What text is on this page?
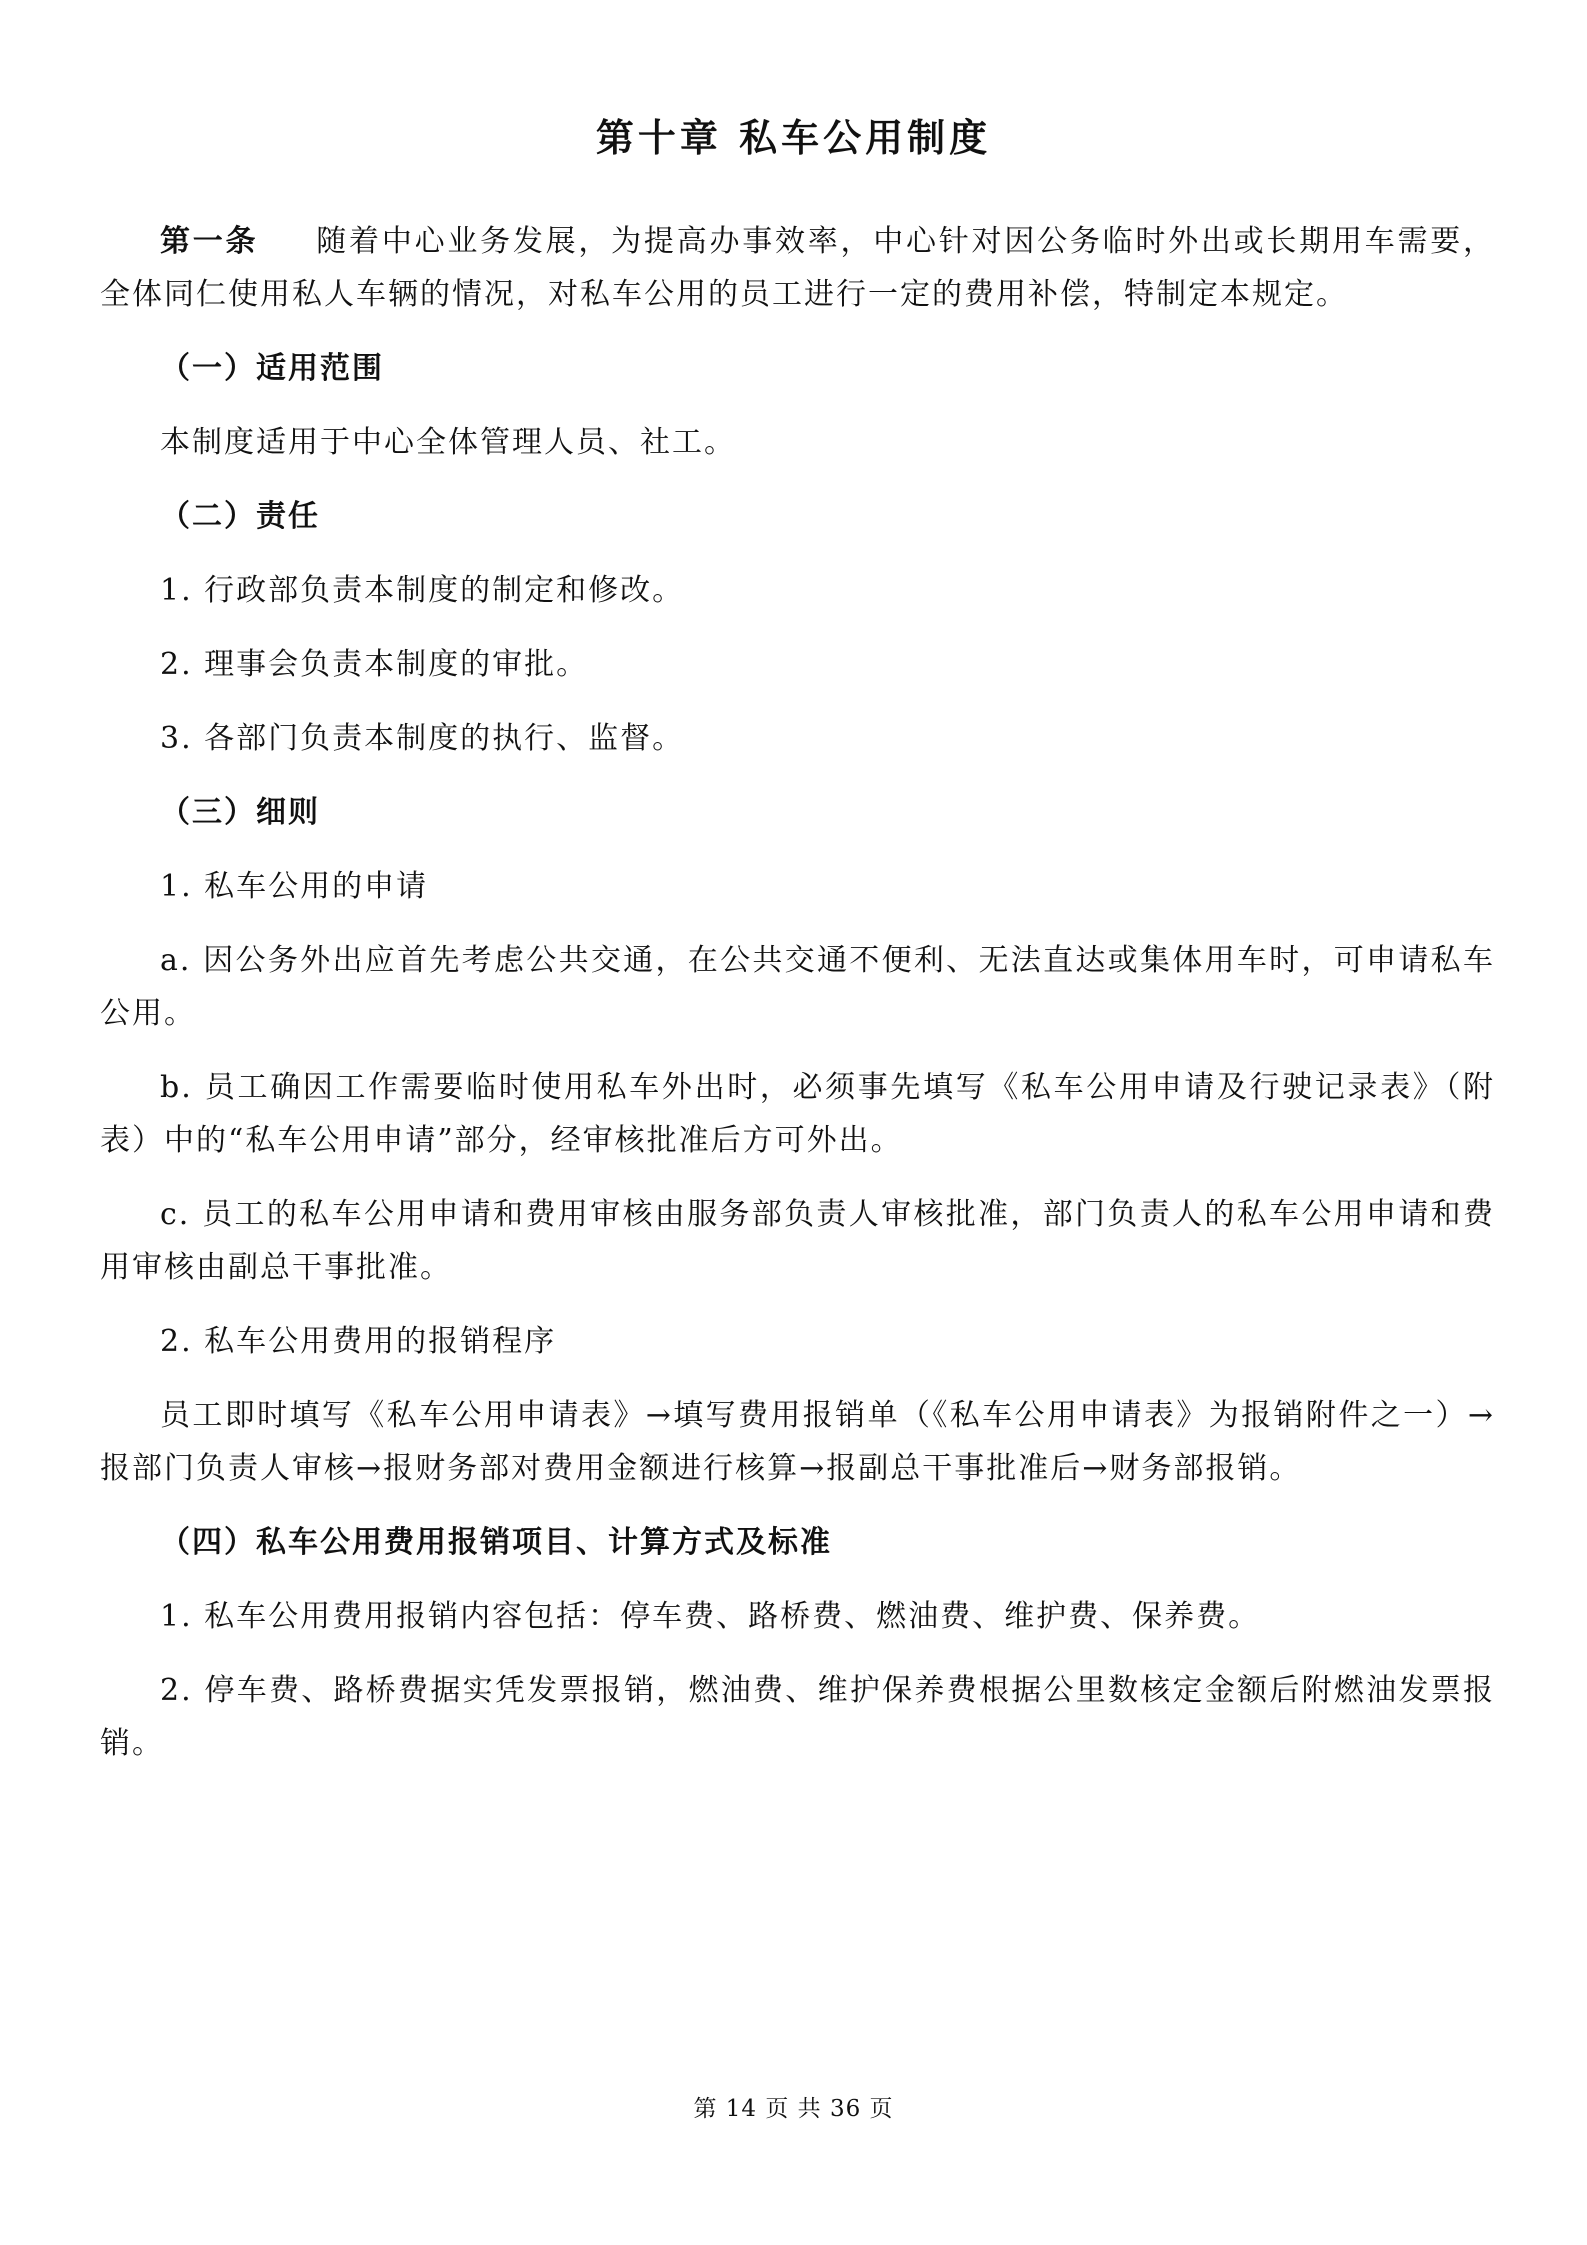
第十章 私车公用制度

第一条 随着中心业务发展，为提高办事效率，中心针对因公务临时外出或长期用车需要，全体同仁使用私人车辆的情况，对私车公用的员工进行一定的费用补偿，特制定本规定。

（一）适用范围

本制度适用于中心全体管理人员、社工。

（二）责任

1. 行政部负责本制度的制定和修改。

2. 理事会负责本制度的审批。

3. 各部门负责本制度的执行、监督。

（三）细则

1. 私车公用的申请

a. 因公务外出应首先考虑公共交通，在公共交通不便利、无法直达或集体用车时，可申请私车公用。

b. 员工确因工作需要临时使用私车外出时，必须事先填写《私车公用申请及行驶记录表》（附表）中的“私车公用申请”部分，经审核批准后方可外出。

c. 员工的私车公用申请和费用审核由服务部负责人审核批准，部门负责人的私车公用申请和费用审核由副总干事批准。

2. 私车公用费用的报销程序

员工即时填写《私车公用申请表》→填写费用报销单（《私车公用申请表》为报销附件之一）→报部门负责人审核→报财务部对费用金额进行核算→报副总干事批准后→财务部报销。

（四）私车公用费用报销项目、计算方式及标准

1. 私车公用费用报销内容包括：停车费、路桥费、燃油费、维护费、保养费。

2. 停车费、路桥费据实凭发票报销，燃油费、维护保养费根据公里数核定金额后附燃油发票报销。

第 14 页 共 36 页
